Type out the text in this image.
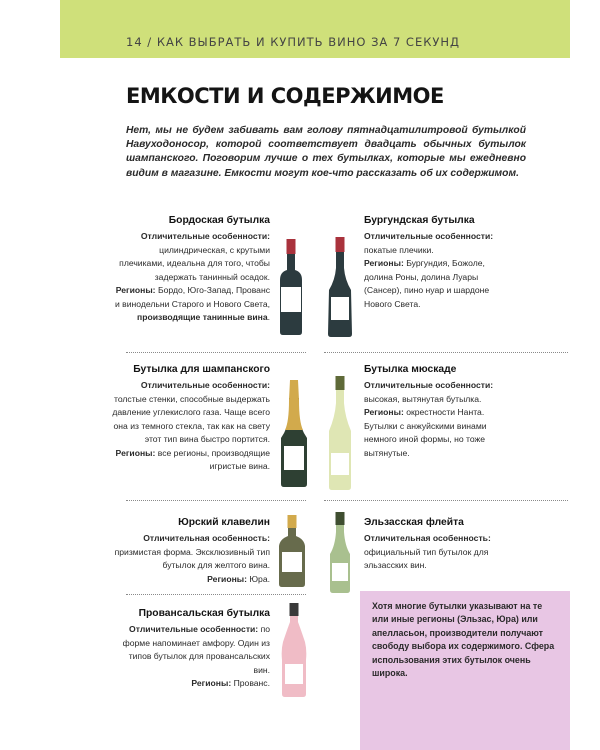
14 / КАК ВЫБРАТЬ И КУПИТЬ ВИНО ЗА 7 СЕКУНД
ЕМКОСТИ И СОДЕРЖИМОЕ
Нет, мы не будем забивать вам голову пятнадцатилитровой бутылкой Навуходоносор, которой соответствует двадцать обычных бутылок шампанского. Поговорим лучше о тех бутылках, которые мы ежедневно видим в магазине. Емкости могут кое-что рассказать об их содержимом.
Бордоская бутылка
Отличительные особенности: цилиндрическая, с крутыми плечиками, идеальна для того, чтобы задержать танинный осадок.
Регионы: Бордо, Юго-Запад, Прованс и винодельни Старого и Нового Света, производящие танинные вина.
Бургундская бутылка
Отличительные особенности: покатые плечики.
Регионы: Бургундия, Божоле, долина Роны, долина Луары (Сансер), пино нуар и шардоне Нового Света.
Бутылка для шампанского
Отличительные особенности: толстые стенки, способные выдержать давление углекислого газа. Чаще всего она из темного стекла, так как на свету этот тип вина быстро портится.
Регионы: все регионы, производящие игристые вина.
Бутылка мюскаде
Отличительные особенности: высокая, вытянутая бутылка.
Регионы: окрестности Нанта. Бутылки с анжуйскими винами немного иной формы, но тоже вытянутые.
Юрский клавелин
Отличительная особенность: призмистая форма. Эксклюзивный тип бутылок для желтого вина.
Регионы: Юра.
Эльзасская флейта
Отличительная особенность: официальный тип бутылок для эльзасских вин.
Провансальская бутылка
Отличительные особенности: по форме напоминает амфору. Один из типов бутылок для провансальских вин.
Регионы: Прованс.
Хотя многие бутылки указывают на те или иные регионы (Эльзас, Юра) или апелласьон, производители получают свободу выбора их содержимого. Сфера использования этих бутылок очень широка.
